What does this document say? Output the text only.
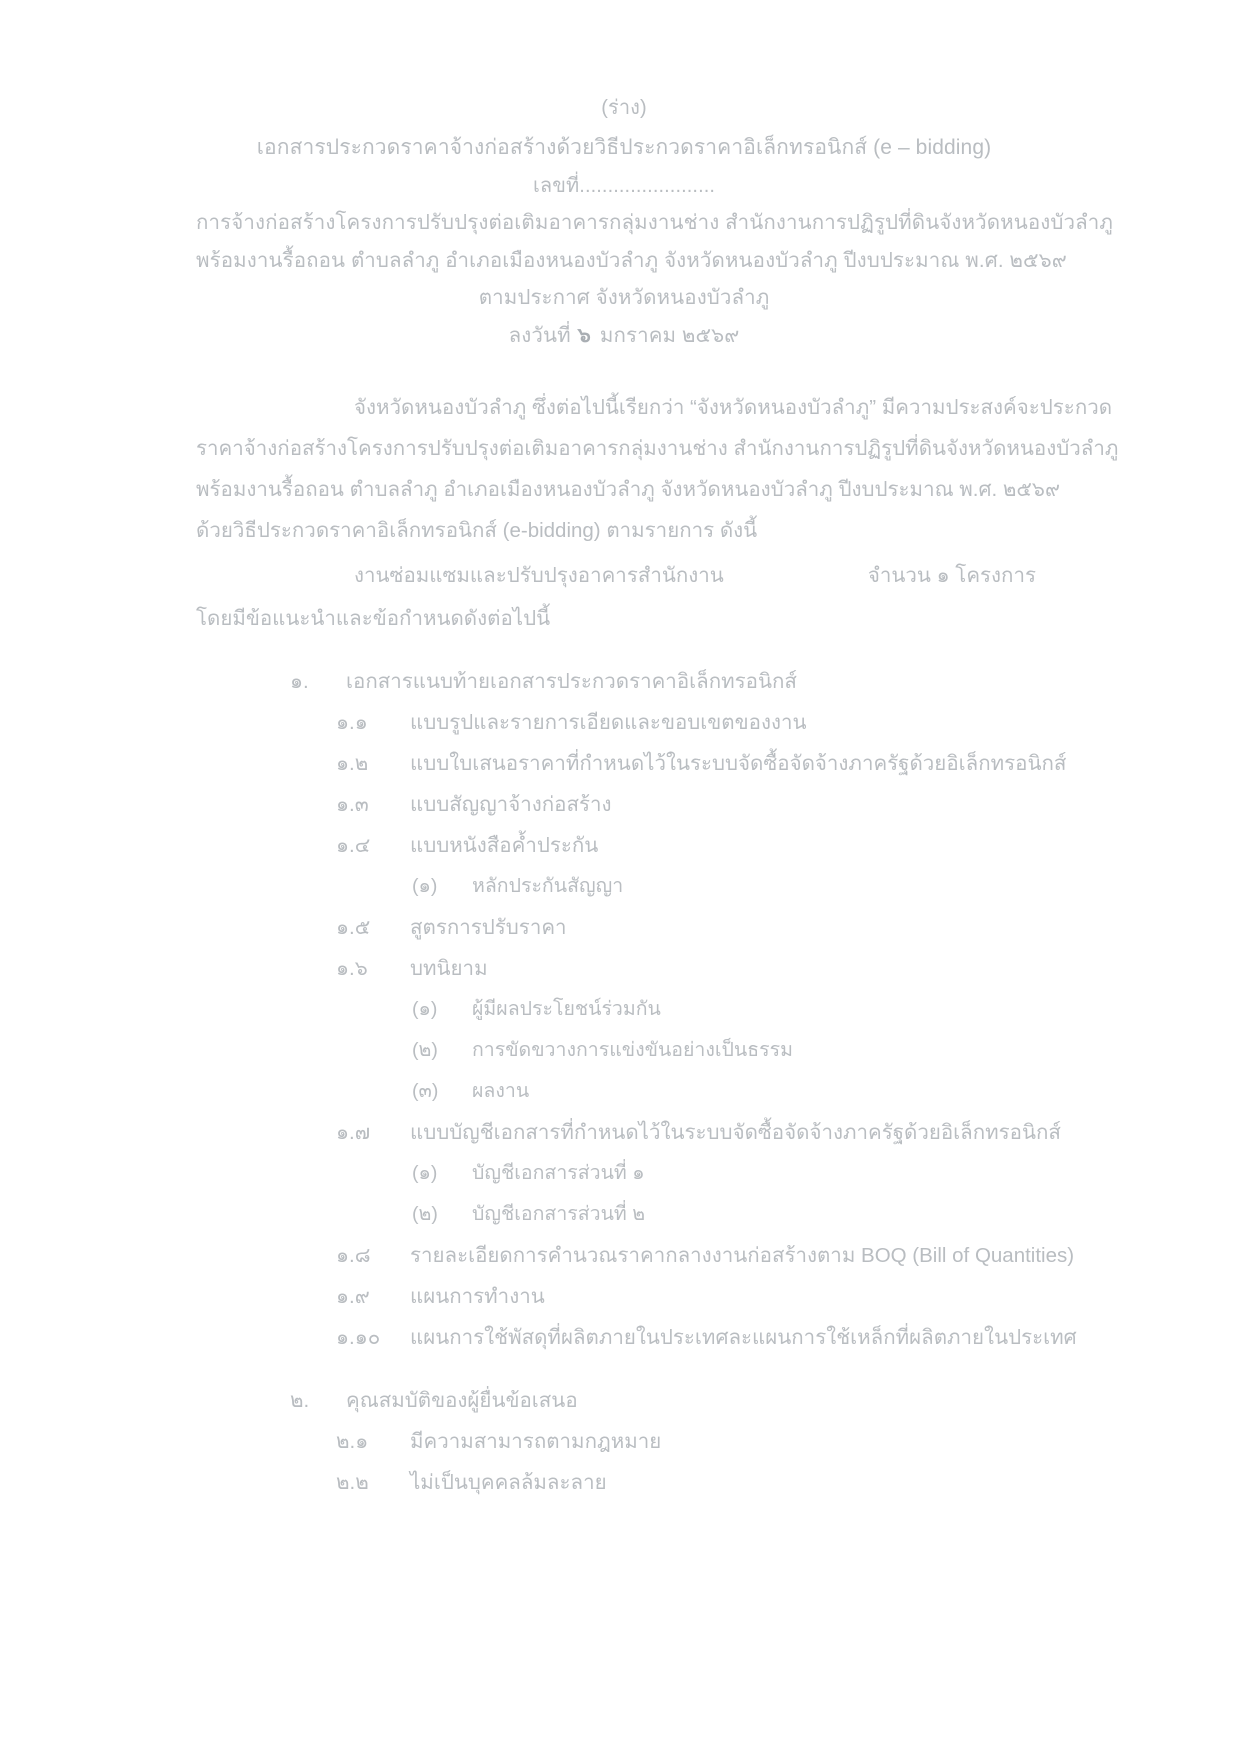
(ร่าง)
เอกสารประกวดราคาจ้างก่อสร้างด้วยวิธีประกวดราคาอิเล็กทรอนิกส์ (e – bidding)
เลขที่........................
การจ้างก่อสร้างโครงการปรับปรุงต่อเติมอาคารกลุ่มงานช่าง สำนักงานการปฏิรูปที่ดินจังหวัดหนองบัวลำภู
พร้อมงานรื้อถอน ตำบลลำภู อำเภอเมืองหนองบัวลำภู จังหวัดหนองบัวลำภู ปีงบประมาณ พ.ศ. ๒๕๖๙
ตามประกาศ จังหวัดหนองบัวลำภู
ลงวันที่ ๖ มกราคม ๒๕๖๙

จังหวัดหนองบัวลำภู ซึ่งต่อไปนี้เรียกว่า “จังหวัดหนองบัวลำภู” มีความประสงค์จะประกวด

ราคาจ้างก่อสร้างโครงการปรับปรุงต่อเติมอาคารกลุ่มงานช่าง สำนักงานการปฏิรูปที่ดินจังหวัดหนองบัวลำภู

พร้อมงานรื้อถอน ตำบลลำภู อำเภอเมืองหนองบัวลำภู จังหวัดหนองบัวลำภู ปีงบประมาณ พ.ศ. ๒๕๖๙

ด้วยวิธีประกวดราคาอิเล็กทรอนิกส์ (e-bidding) ตามรายการ ดังนี้

งานซ่อมแซมและปรับปรุงอาคารสำนักงาน	จำนวน ๑ โครงการ
โดยมีข้อแนะนำและข้อกำหนดดังต่อไปนี้
๑.	เอกสารแนบท้ายเอกสารประกวดราคาอิเล็กทรอนิกส์
๑.๑	แบบรูปและรายการเอียดและขอบเขตของงาน
๑.๒	แบบใบเสนอราคาที่กำหนดไว้ในระบบจัดซื้อจัดจ้างภาครัฐด้วยอิเล็กทรอนิกส์
๑.๓	แบบสัญญาจ้างก่อสร้าง
๑.๔	แบบหนังสือค้ำประกัน
(๑)	หลักประกันสัญญา
๑.๕	สูตรการปรับราคา
๑.๖	บทนิยาม
(๑)	ผู้มีผลประโยชน์ร่วมกัน
(๒)	การขัดขวางการแข่งขันอย่างเป็นธรรม
(๓)	ผลงาน
๑.๗	แบบบัญชีเอกสารที่กำหนดไว้ในระบบจัดซื้อจัดจ้างภาครัฐด้วยอิเล็กทรอนิกส์
(๑)	บัญชีเอกสารส่วนที่ ๑
(๒)	บัญชีเอกสารส่วนที่ ๒
๑.๘	รายละเอียดการคำนวณราคากลางงานก่อสร้างตาม BOQ (Bill of Quantities)
๑.๙	แผนการทำงาน
๑.๑๐	แผนการใช้พัสดุที่ผลิตภายในประเทศละแผนการใช้เหล็กที่ผลิตภายในประเทศ
๒.	คุณสมบัติของผู้ยื่นข้อเสนอ
๒.๑	มีความสามารถตามกฎหมาย
๒.๒	ไม่เป็นบุคคลล้มละลาย
